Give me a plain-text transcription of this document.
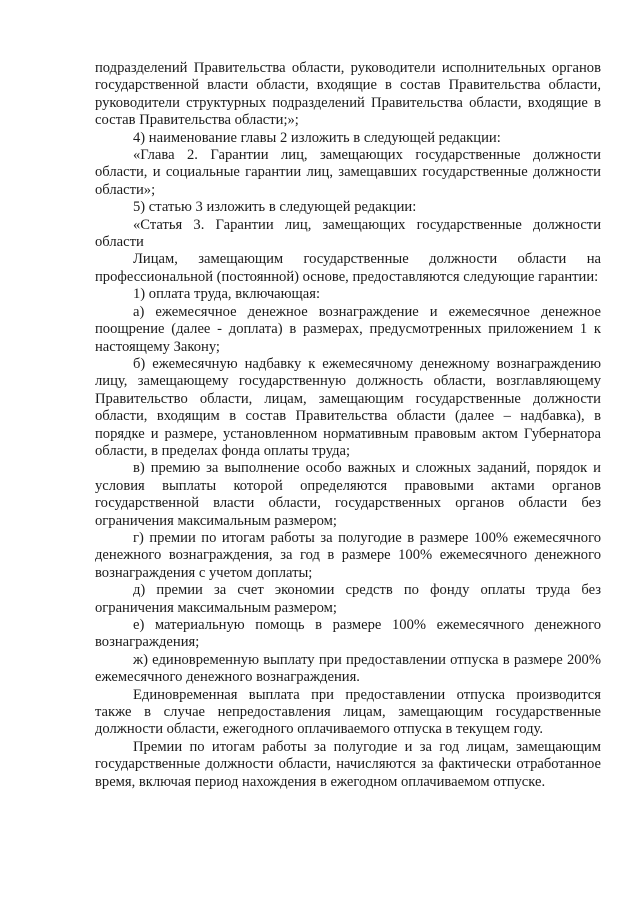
подразделений Правительства области, руководители исполнительных органов государственной власти области, входящие в состав Правительства области, руководители структурных подразделений Правительства области, входящие в состав Правительства области;»;

4) наименование главы 2 изложить в следующей редакции:

«Глава 2. Гарантии лиц, замещающих государственные должности области, и социальные гарантии лиц, замещавших государственные должности области»;

5) статью 3 изложить в следующей редакции:

«Статья 3. Гарантии лиц, замещающих государственные должности области

Лицам, замещающим государственные должности области на профессиональной (постоянной) основе, предоставляются следующие гарантии:

1) оплата труда, включающая:

а) ежемесячное денежное вознаграждение и ежемесячное денежное поощрение (далее - доплата) в размерах, предусмотренных приложением 1 к настоящему Закону;

б) ежемесячную надбавку к ежемесячному денежному вознаграждению лицу, замещающему государственную должность области, возглавляющему Правительство области, лицам, замещающим государственные должности области, входящим в состав Правительства области (далее – надбавка), в порядке и размере, установленном нормативным правовым актом Губернатора области, в пределах фонда оплаты труда;

в) премию за выполнение особо важных и сложных заданий, порядок и условия выплаты которой определяются правовыми актами органов государственной власти области, государственных органов области без ограничения максимальным размером;

г) премии по итогам работы за полугодие в размере 100% ежемесячного денежного вознаграждения, за год в размере 100% ежемесячного денежного вознаграждения с учетом доплаты;

д) премии за счет экономии средств по фонду оплаты труда без ограничения максимальным размером;

е) материальную помощь в размере 100% ежемесячного денежного вознаграждения;

ж) единовременную выплату при предоставлении отпуска в размере 200% ежемесячного денежного вознаграждения.

Единовременная выплата при предоставлении отпуска производится также в случае непредоставления лицам, замещающим государственные должности области, ежегодного оплачиваемого отпуска в текущем году.

Премии по итогам работы за полугодие и за год лицам, замещающим государственные должности области, начисляются за фактически отработанное время, включая период нахождения в ежегодном оплачиваемом отпуске.
